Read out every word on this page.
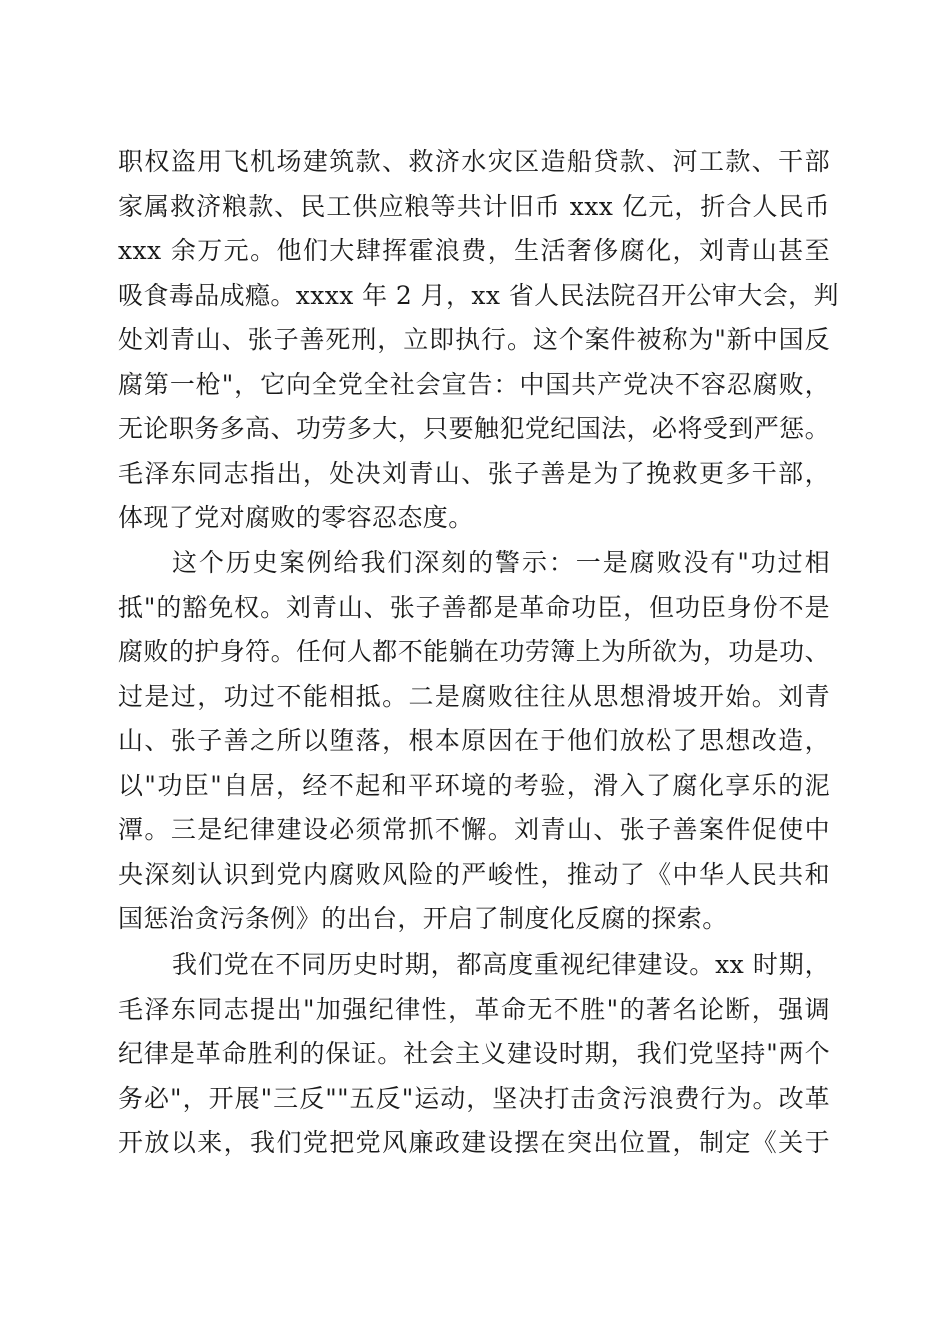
职权盗用飞机场建筑款、救济水灾区造船贷款、河工款、干部
家属救济粮款、民工供应粮等共计旧币 xxx 亿元，折合人民币
xxx 余万元。他们大肆挥霍浪费，生活奢侈腐化，刘青山甚至
吸食毒品成瘾。xxxx 年 2 月，xx 省人民法院召开公审大会，判
处刘青山、张子善死刑，立即执行。这个案件被称为"新中国反
腐第一枪"，它向全党全社会宣告：中国共产党决不容忍腐败，
无论职务多高、功劳多大，只要触犯党纪国法，必将受到严惩。
毛泽东同志指出，处决刘青山、张子善是为了挽救更多干部，
体现了党对腐败的零容忍态度。
这个历史案例给我们深刻的警示：一是腐败没有"功过相
抵"的豁免权。刘青山、张子善都是革命功臣，但功臣身份不是
腐败的护身符。任何人都不能躺在功劳簿上为所欲为，功是功、
过是过，功过不能相抵。二是腐败往往从思想滑坡开始。刘青
山、张子善之所以堕落，根本原因在于他们放松了思想改造，
以"功臣"自居，经不起和平环境的考验，滑入了腐化享乐的泥
潭。三是纪律建设必须常抓不懈。刘青山、张子善案件促使中
央深刻认识到党内腐败风险的严峻性，推动了《中华人民共和
国惩治贪污条例》的出台，开启了制度化反腐的探索。
我们党在不同历史时期，都高度重视纪律建设。xx 时期，
毛泽东同志提出"加强纪律性，革命无不胜"的著名论断，强调
纪律是革命胜利的保证。社会主义建设时期，我们党坚持"两个
务必"，开展"三反""五反"运动，坚决打击贪污浪费行为。改革
开放以来，我们党把党风廉政建设摆在突出位置，制定《关于
